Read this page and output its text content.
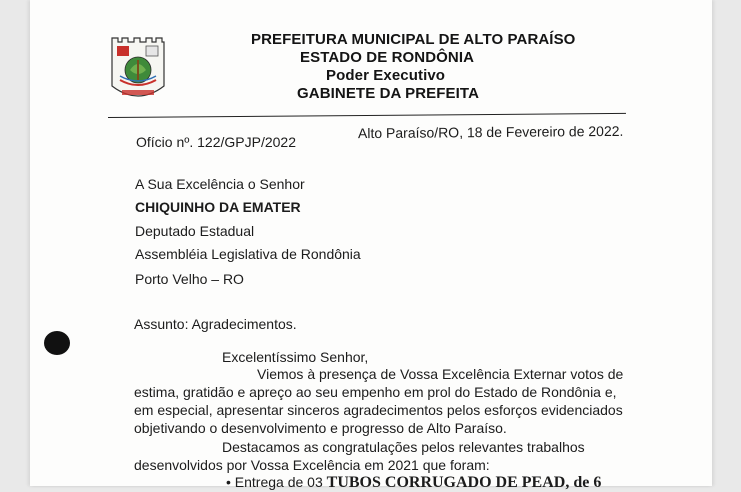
PREFEITURA MUNICIPAL DE ALTO PARAÍSO
ESTADO DE RONDÔNIA
Poder Executivo
GABINETE DA PREFEITA
Ofício nº. 122/GPJP/2022
Alto Paraíso/RO, 18 de Fevereiro de 2022.
A Sua Excelência o Senhor
CHIQUINHO DA EMATER
Deputado Estadual
Assembléia Legislativa de Rondônia
Porto Velho – RO
Assunto: Agradecimentos.
Excelentíssimo Senhor,
Viemos à presença de Vossa Excelência Externar votos de
estima, gratidão e apreço ao seu empenho em prol do Estado de Rondônia e,
em especial, apresentar sinceros agradecimentos pelos esforços evidenciados
objetivando o desenvolvimento e progresso de Alto Paraíso.
Destacamos as congratulações pelos relevantes trabalhos
desenvolvidos por Vossa Excelência em 2021 que foram:
• Entrega de 03 TUBOS CORRUGADO DE PEAD, de 6
